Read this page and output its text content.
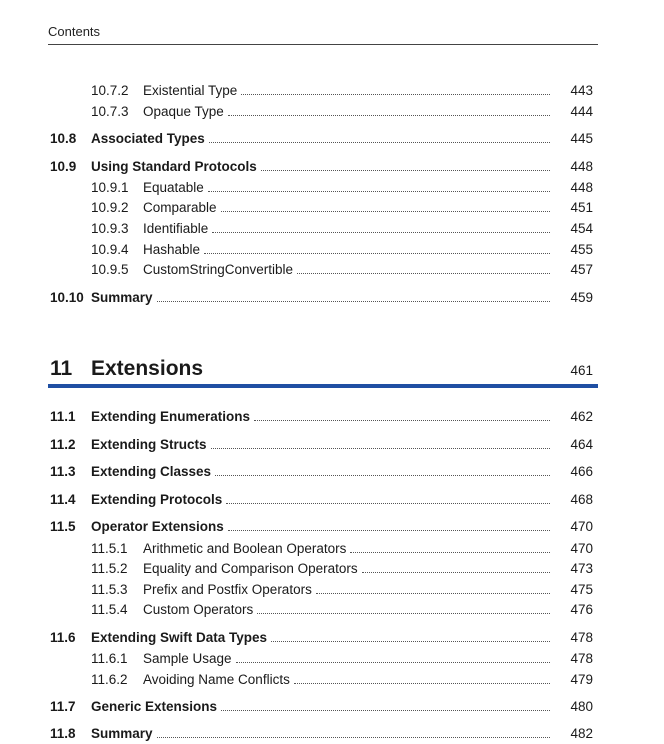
Contents
10.7.2 Existential Type	443
10.7.3 Opaque Type	444
10.8 Associated Types	445
10.9 Using Standard Protocols	448
10.9.1 Equatable	448
10.9.2 Comparable	451
10.9.3 Identifiable	454
10.9.4 Hashable	455
10.9.5 CustomStringConvertible	457
10.10 Summary	459
11 Extensions	461
11.1 Extending Enumerations	462
11.2 Extending Structs	464
11.3 Extending Classes	466
11.4 Extending Protocols	468
11.5 Operator Extensions	470
11.5.1 Arithmetic and Boolean Operators	470
11.5.2 Equality and Comparison Operators	473
11.5.3 Prefix and Postfix Operators	475
11.5.4 Custom Operators	476
11.6 Extending Swift Data Types	478
11.6.1 Sample Usage	478
11.6.2 Avoiding Name Conflicts	479
11.7 Generic Extensions	480
11.8 Summary	482
